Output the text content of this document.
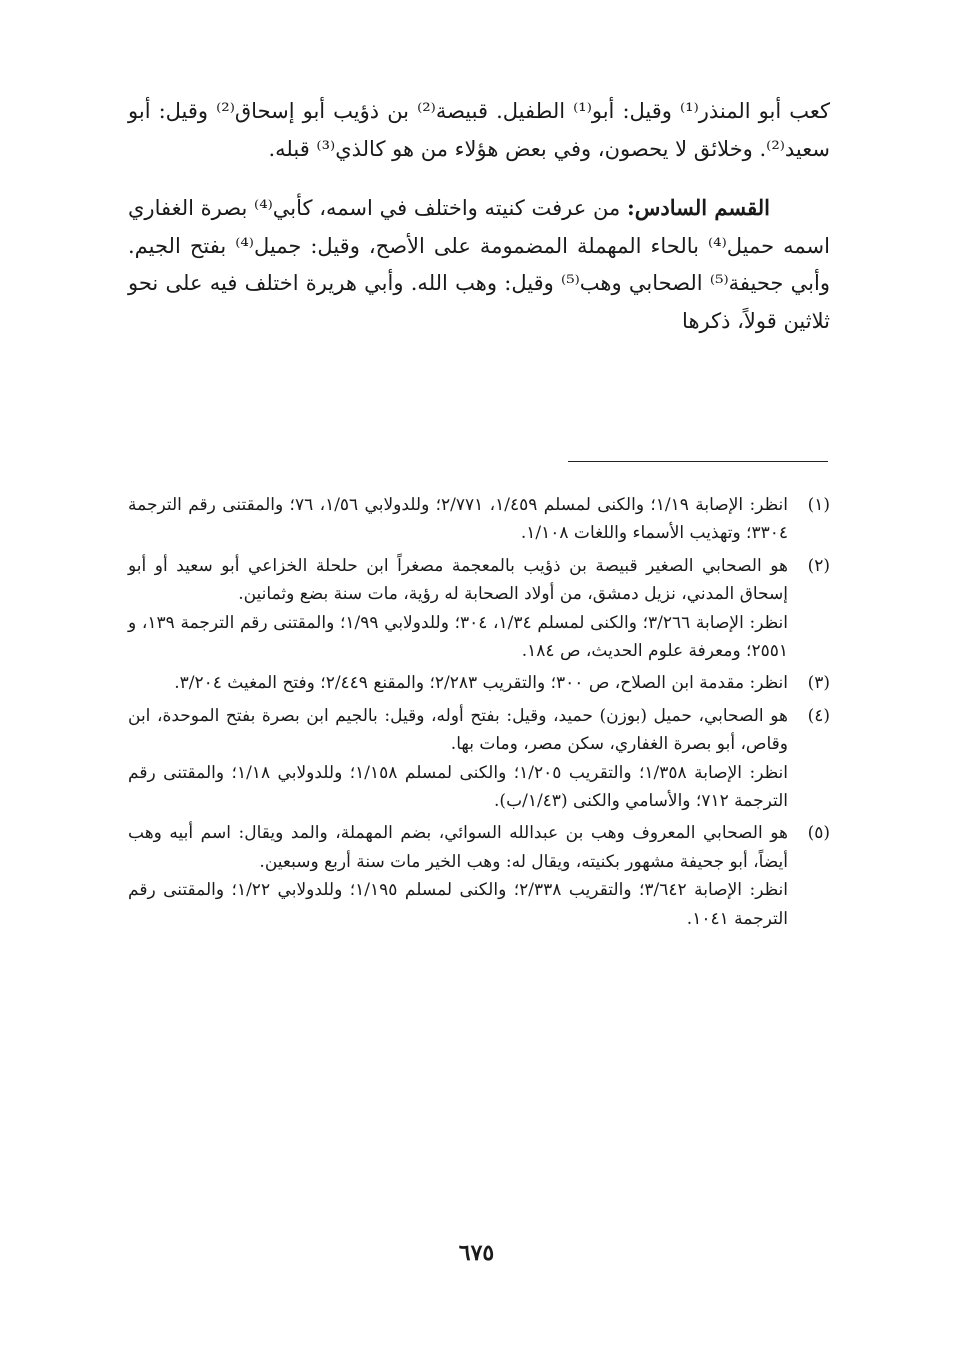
كعب أبو المنذر⁽¹⁾ وقيل: أبو⁽¹⁾ الطفيل. قبيصة⁽²⁾ بن ذؤيب أبو إسحاق⁽²⁾ وقيل: أبو سعيد⁽²⁾. وخلائق لا يحصون، وفي بعض هؤلاء من هو كالذي⁽³⁾ قبله.

القسم السادس: من عرفت كنيته واختلف في اسمه، كأبي⁽⁴⁾ بصرة الغفاري اسمه حميل⁽⁴⁾ بالحاء المهملة المضمومة على الأصح، وقيل: جميل⁽⁴⁾ بفتح الجيم. وأبي جحيفة⁽⁵⁾ الصحابي وهب⁽⁵⁾ وقيل: وهب الله. وأبي هريرة اختلف فيه على نحو ثلاثين قولاً، ذكرها

(١)
انظر: الإصابة ١/١٩؛ والكنى لمسلم ١/٤٥٩، ٢/٧٧١؛ وللدولابي ١/٥٦، ٧٦؛ والمقتنى رقم الترجمة ٣٣٠٤؛ وتهذيب الأسماء واللغات ١/١٠٨.
(٢)
هو الصحابي الصغير قبيصة بن ذؤيب بالمعجمة مصغراً ابن حلحلة الخزاعي أبو سعيد أو أبو إسحاق المدني، نزيل دمشق، من أولاد الصحابة له رؤية، مات سنة بضع وثمانين.
انظر: الإصابة ٣/٢٦٦؛ والكنى لمسلم ١/٣٤، ٣٠٤؛ وللدولابي ١/٩٩؛ والمقتنى رقم الترجمة ١٣٩، و ٢٥٥١؛ ومعرفة علوم الحديث، ص ١٨٤.
(٣)
انظر: مقدمة ابن الصلاح، ص ٣٠٠؛ والتقريب ٢/٢٨٣؛ والمقنع ٢/٤٤٩؛ وفتح المغيث ٣/٢٠٤.
(٤)
هو الصحابي، حميل (بوزن) حميد، وقيل: بفتح أوله، وقيل: بالجيم ابن بصرة بفتح الموحدة، ابن وقاص، أبو بصرة الغفاري، سكن مصر، ومات بها.
انظر: الإصابة ١/٣٥٨؛ والتقريب ١/٢٠٥؛ والكنى لمسلم ١/١٥٨؛ وللدولابي ١/١٨؛ والمقتنى رقم الترجمة ٧١٢؛ والأسامي والكنى (١/٤٣/ب).
(٥)
هو الصحابي المعروف وهب بن عبدالله السوائي، بضم المهملة، والمد ويقال: اسم أبيه وهب أيضاً، أبو جحيفة مشهور بكنيته، ويقال له: وهب الخير مات سنة أربع وسبعين.
انظر: الإصابة ٣/٦٤٢؛ والتقريب ٢/٣٣٨؛ والكنى لمسلم ١/١٩٥؛ وللدولابي ١/٢٢؛ والمقتنى رقم الترجمة ١٠٤١.
٦٧٥
